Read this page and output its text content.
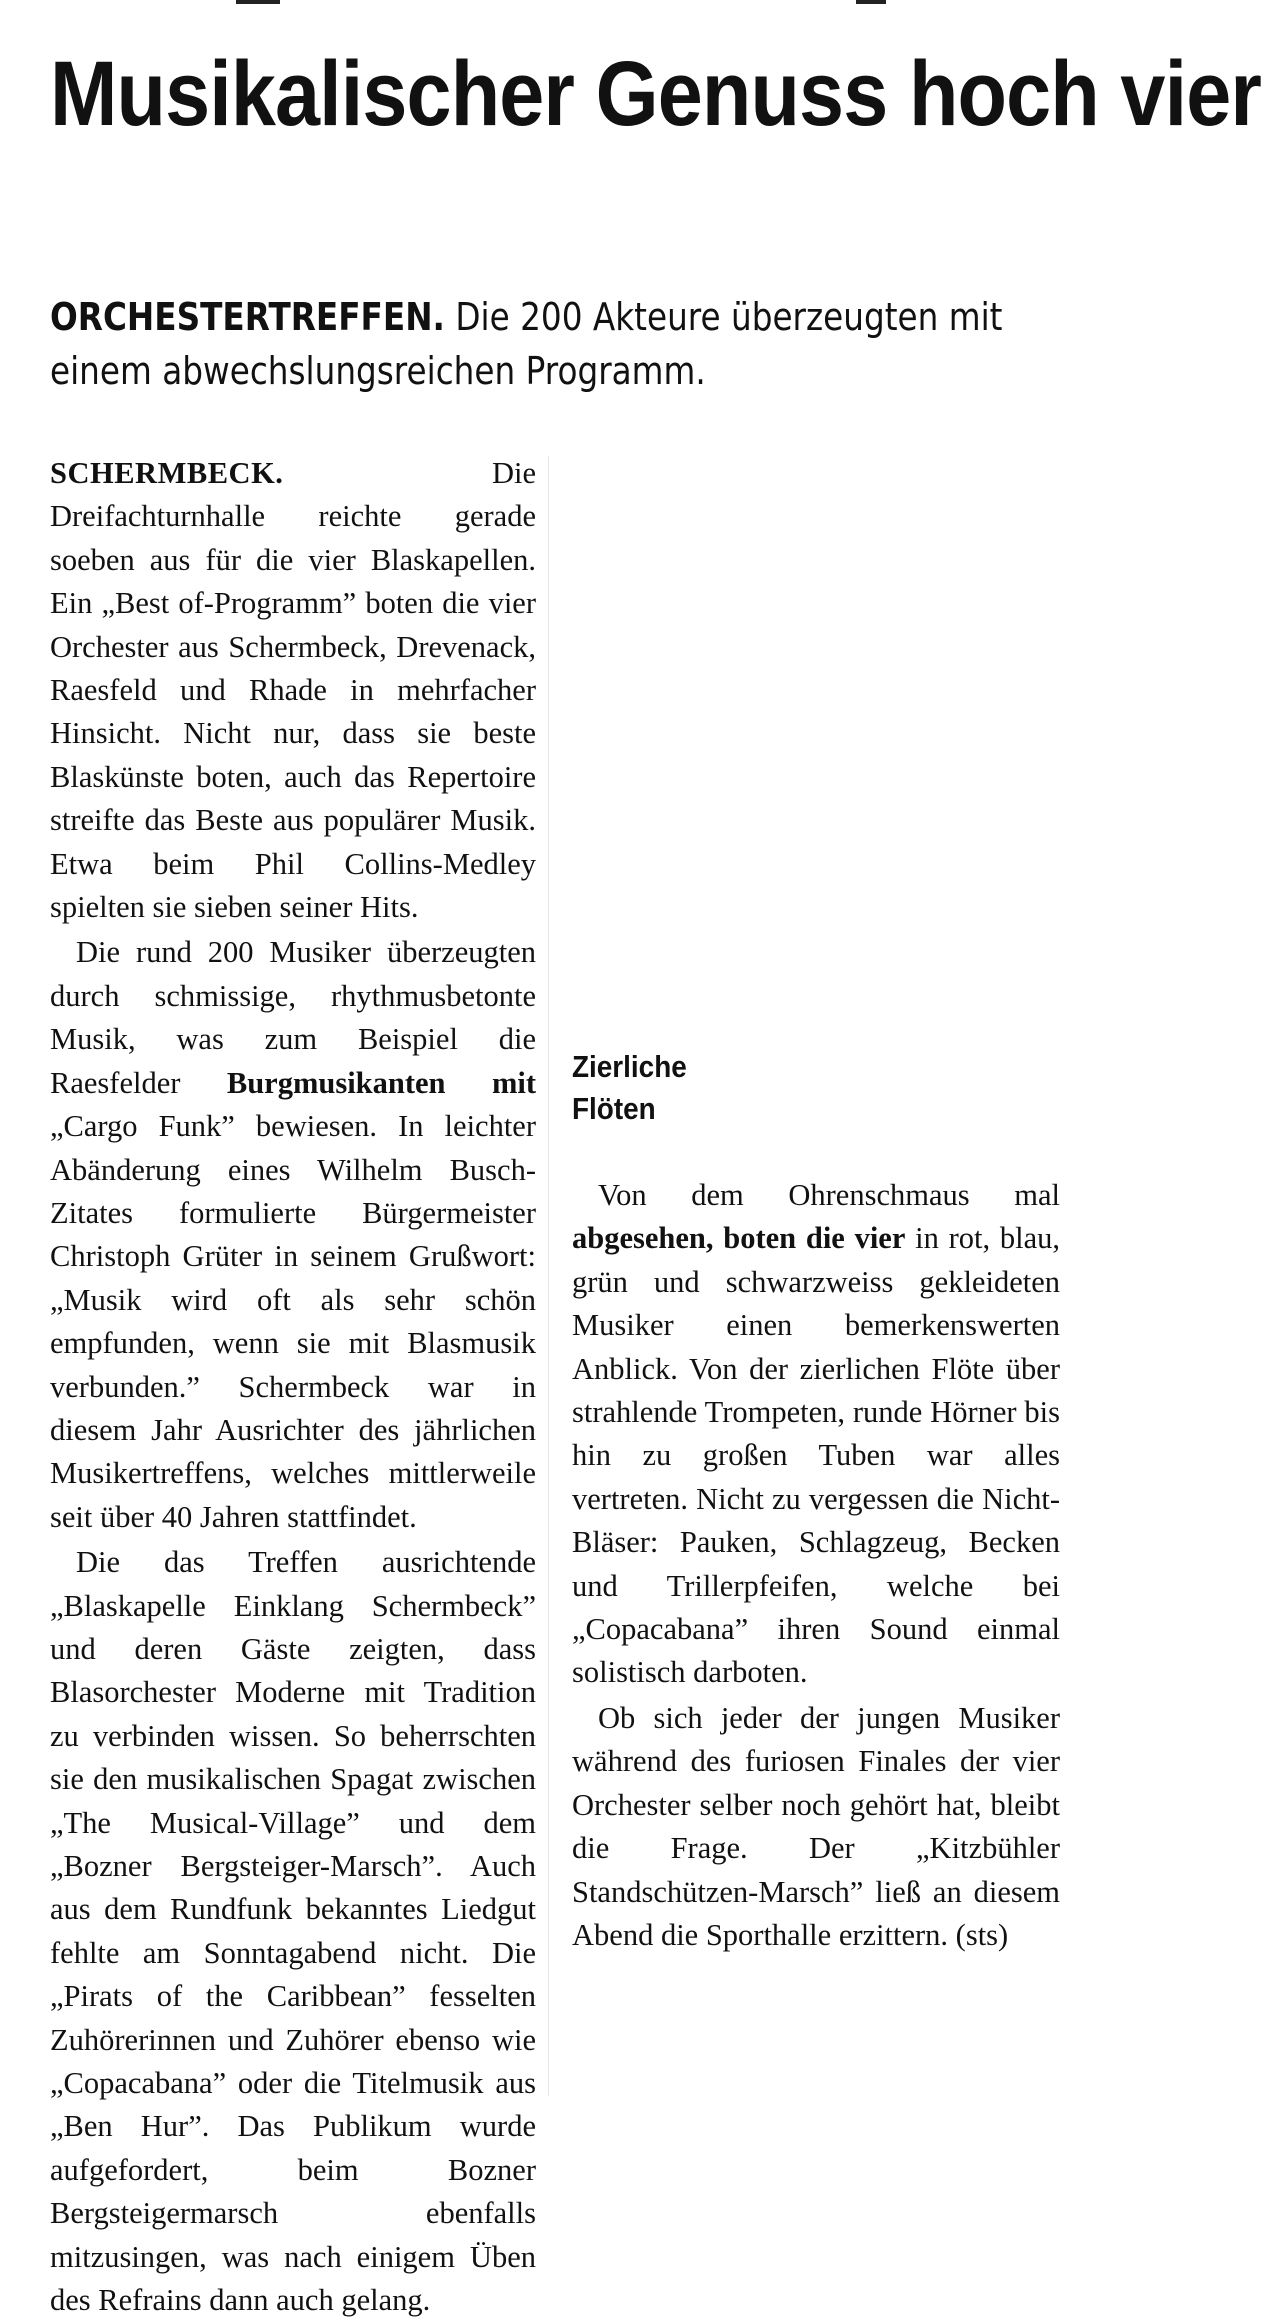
Musikalischer Genuss hoch vier
ORCHESTERTREFFEN. Die 200 Akteure überzeugten mit einem abwechslungsreichen Programm.

SCHERMBECK.	Die Dreifachturnhalle reichte gerade soeben aus für die vier Blaskapellen. Ein „Best of-Programm” boten die vier Orchester aus Schermbeck, Drevenack, Raesfeld und Rhade in mehrfacher Hinsicht. Nicht nur, dass sie beste Blaskünste boten, auch das Repertoire streifte das Beste aus populärer Musik. Etwa beim Phil Collins-Medley spielten sie sieben seiner Hits.

Die rund 200 Musiker überzeugten durch schmissige, rhythmusbetonte Musik, was zum Beispiel die Raesfelder Burgmusikanten mit „Cargo Funk” bewiesen. In leichter Abänderung eines Wilhelm Busch-Zitates formulierte Bürgermeister Christoph Grüter in seinem Grußwort: „Musik wird oft als sehr schön empfunden, wenn sie mit Blasmusik verbunden.” Schermbeck war in diesem Jahr Ausrichter des jährlichen Musikertreffens, welches mittlerweile seit über 40 Jahren stattfindet.

Die das Treffen ausrichtende „Blaskapelle Einklang Schermbeck” und deren Gäste zeigten, dass Blasorchester Moderne mit Tradition zu verbinden wissen. So beherrschten sie den musikalischen Spagat zwischen „The Musical-Village” und dem „Bozner Bergsteiger-Marsch”. Auch aus dem Rundfunk bekanntes Liedgut fehlte am Sonntagabend nicht. Die „Pirats of the Caribbean” fesselten Zuhörerinnen und Zuhörer ebenso wie „Copacabana” oder die Titelmusik aus „Ben Hur”. Das Publikum wurde aufgefordert, beim Bozner Bergsteigermarsch ebenfalls mitzusingen, was nach einigem Üben des Refrains dann auch gelang.

Zierliche Flöten

Von dem Ohrenschmaus mal abgesehen, boten die vier in rot, blau, grün und schwarzweiss gekleideten Musiker einen bemerkenswerten Anblick. Von der zierlichen Flöte über strahlende Trompeten, runde Hörner bis hin zu großen Tuben war alles vertreten. Nicht zu vergessen die Nicht-Bläser: Pauken, Schlagzeug, Becken und Trillerpfeifen, welche bei „Copacabana” ihren Sound einmal solistisch darboten.

Ob sich jeder der jungen Musiker während des furiosen Finales der vier Orchester selber noch gehört hat, bleibt die Frage. Der „Kitzbühler Standschützen-Marsch” ließ an diesem Abend die Sporthalle erzittern. (sts)
